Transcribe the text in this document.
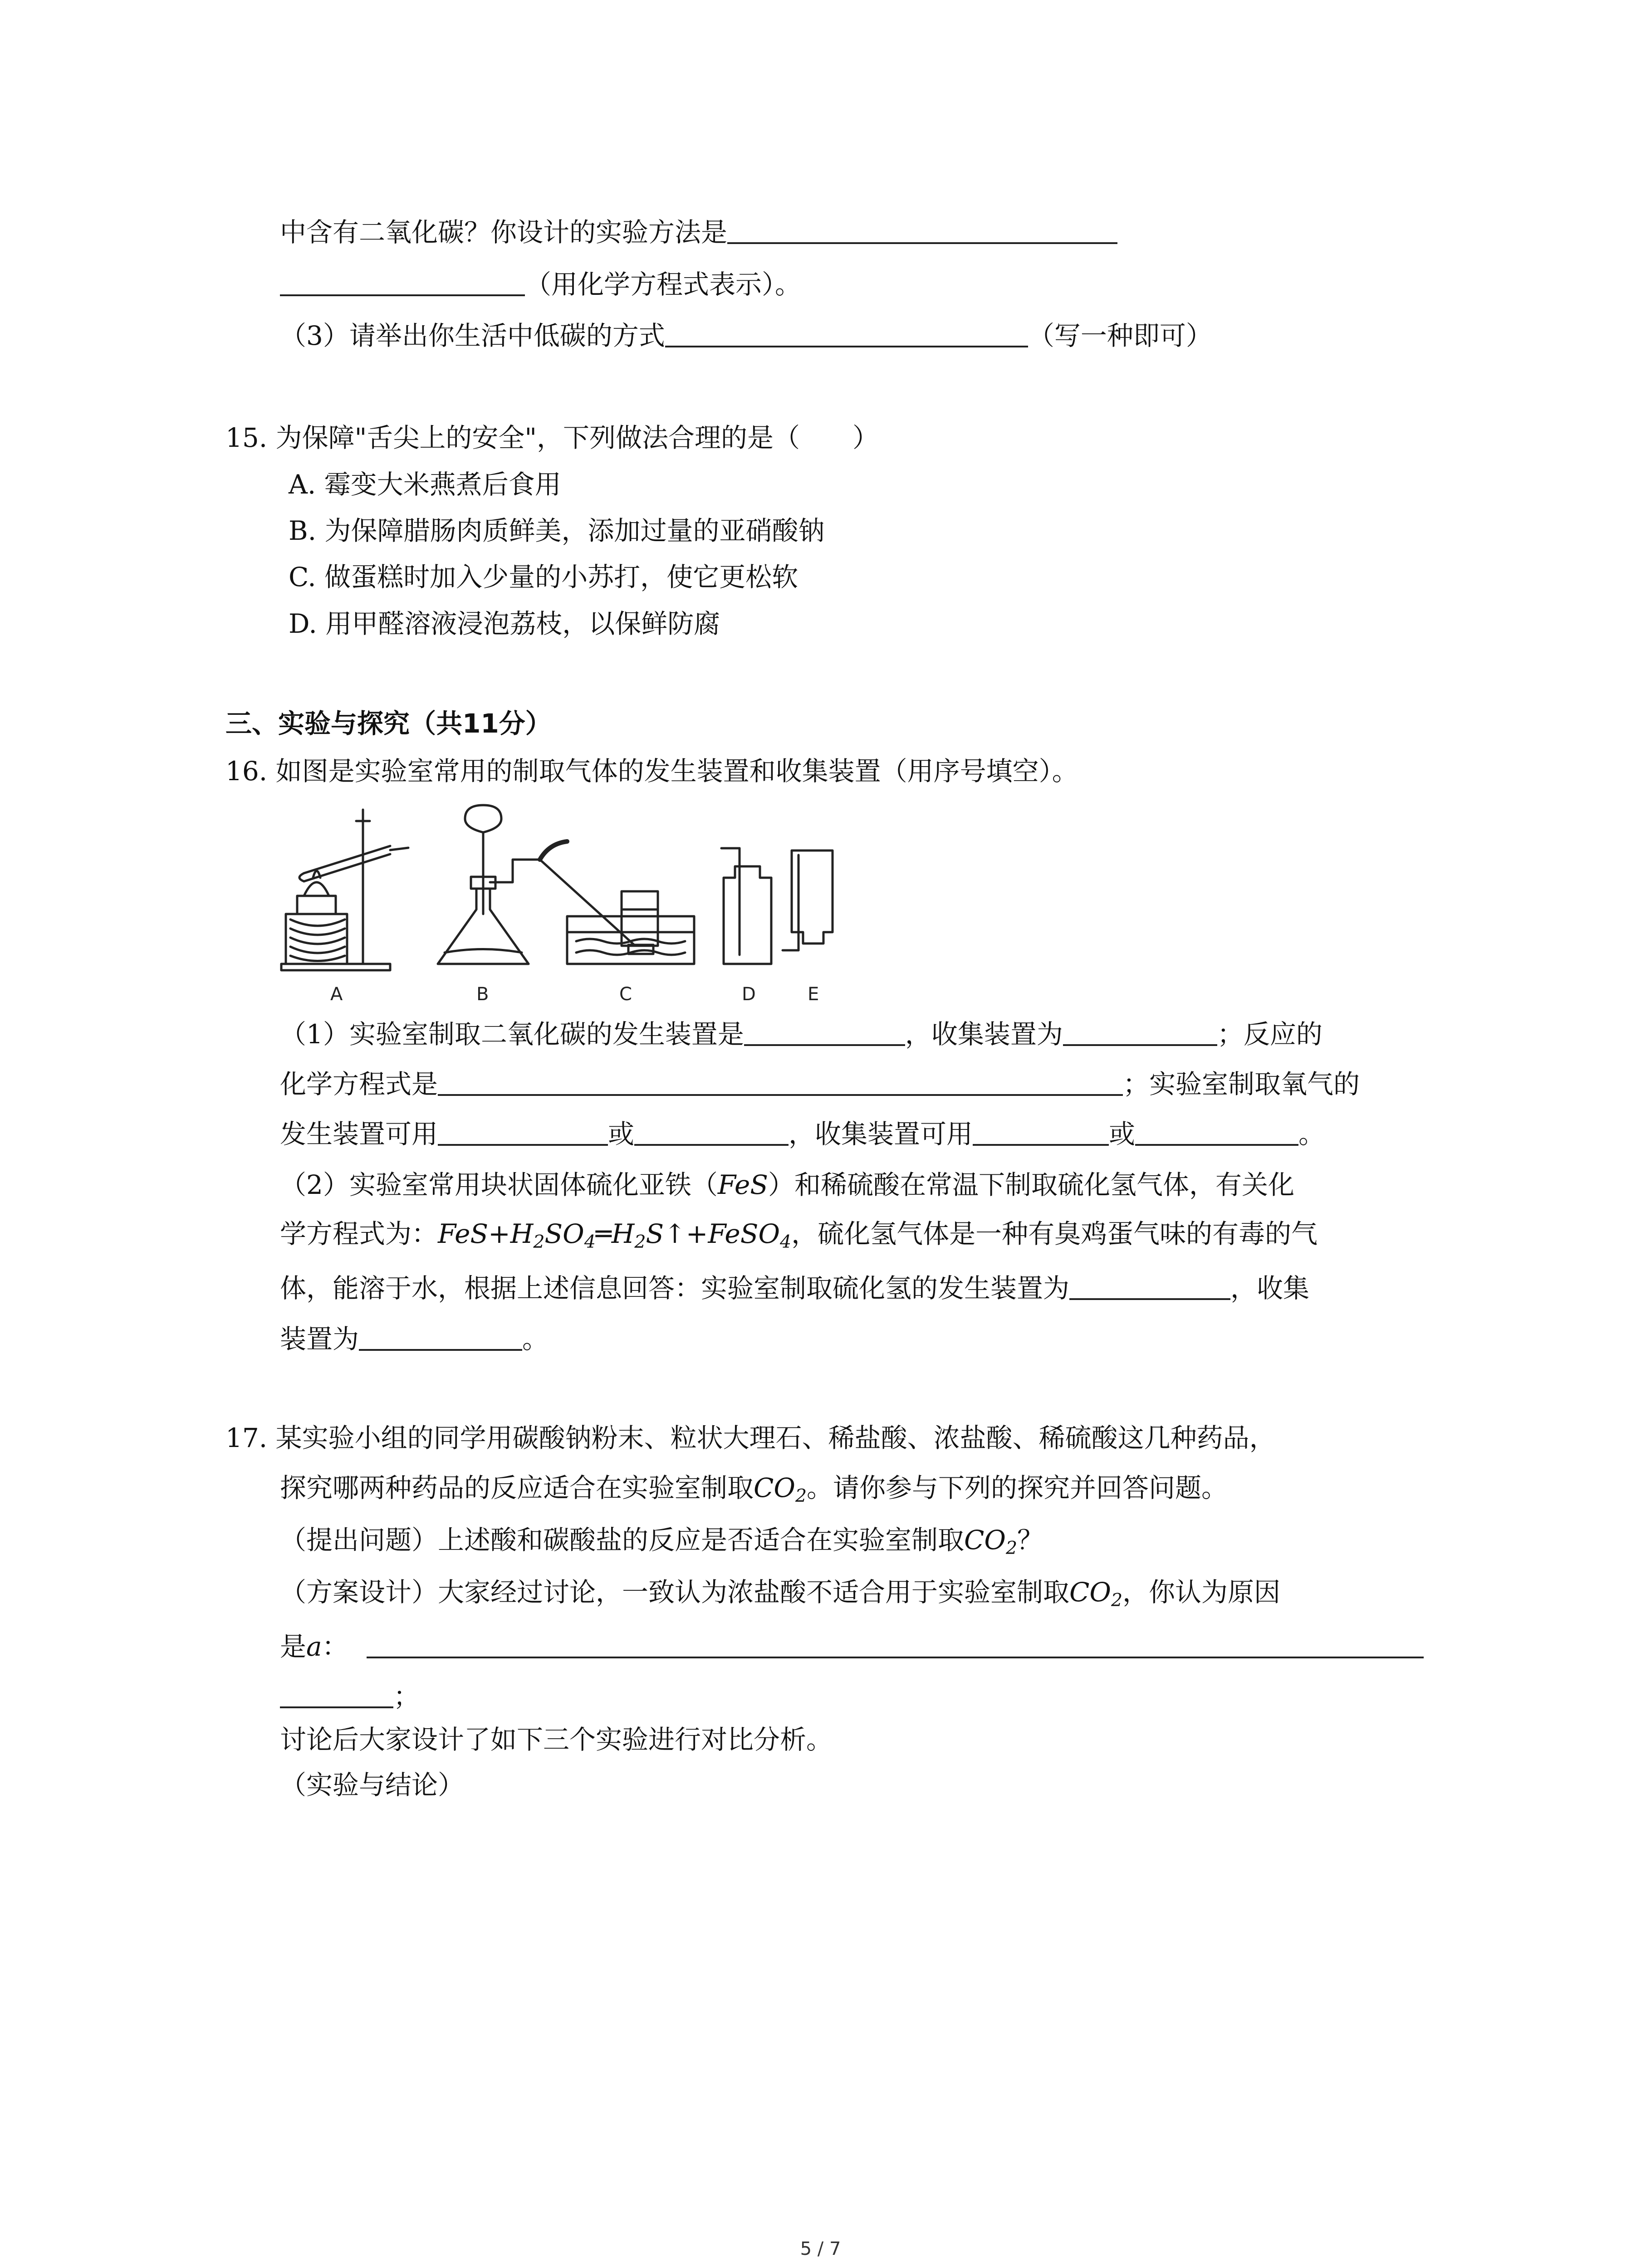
中含有二氧化碳？你设计的实验方法是
（用化学方程式表示）。
（3）请举出你生活中低碳的方式	（写一种即可）
15. 为保障"舌尖上的安全"，下列做法合理的是（　　）
A. 霉变大米燕煮后食用
B. 为保障腊肠肉质鲜美，添加过量的亚硝酸钠
C. 做蛋糕时加入少量的小苏打，使它更松软
D. 用甲醛溶液浸泡荔枝，以保鲜防腐
三、实验与探究（共11分）
16. 如图是实验室常用的制取气体的发生装置和收集装置（用序号填空）。
A	B	C	D	E
（1）实验室制取二氧化碳的发生装置是	，收集装置为	；反应的
化学方程式是	；实验室制取氧气的
发生装置可用	或	，收集装置可用	或	。
（2）实验室常用块状固体硫化亚铁（FeS）和稀硫酸在常温下制取硫化氢气体，有关化
学方程式为：$FeS+H_2SO_4═H_2S↑+FeSO_4$，硫化氢气体是一种有臭鸡蛋气味的有毒的气
体，能溶于水，根据上述信息回答：实验室制取硫化氢的发生装置为	，收集
装置为	。
17. 某实验小组的同学用碳酸钠粉末、粒状大理石、稀盐酸、浓盐酸、稀硫酸这几种药品，
探究哪两种药品的反应适合在实验室制取$CO_2$。请你参与下列的探究并回答问题。
（提出问题）上述酸和碳酸盐的反应是否适合在实验室制取$CO_2$？
（方案设计）大家经过讨论，一致认为浓盐酸不适合用于实验室制取$CO_2$，你认为原因
是a：
；
讨论后大家设计了如下三个实验进行对比分析。
（实验与结论）
5 / 7
